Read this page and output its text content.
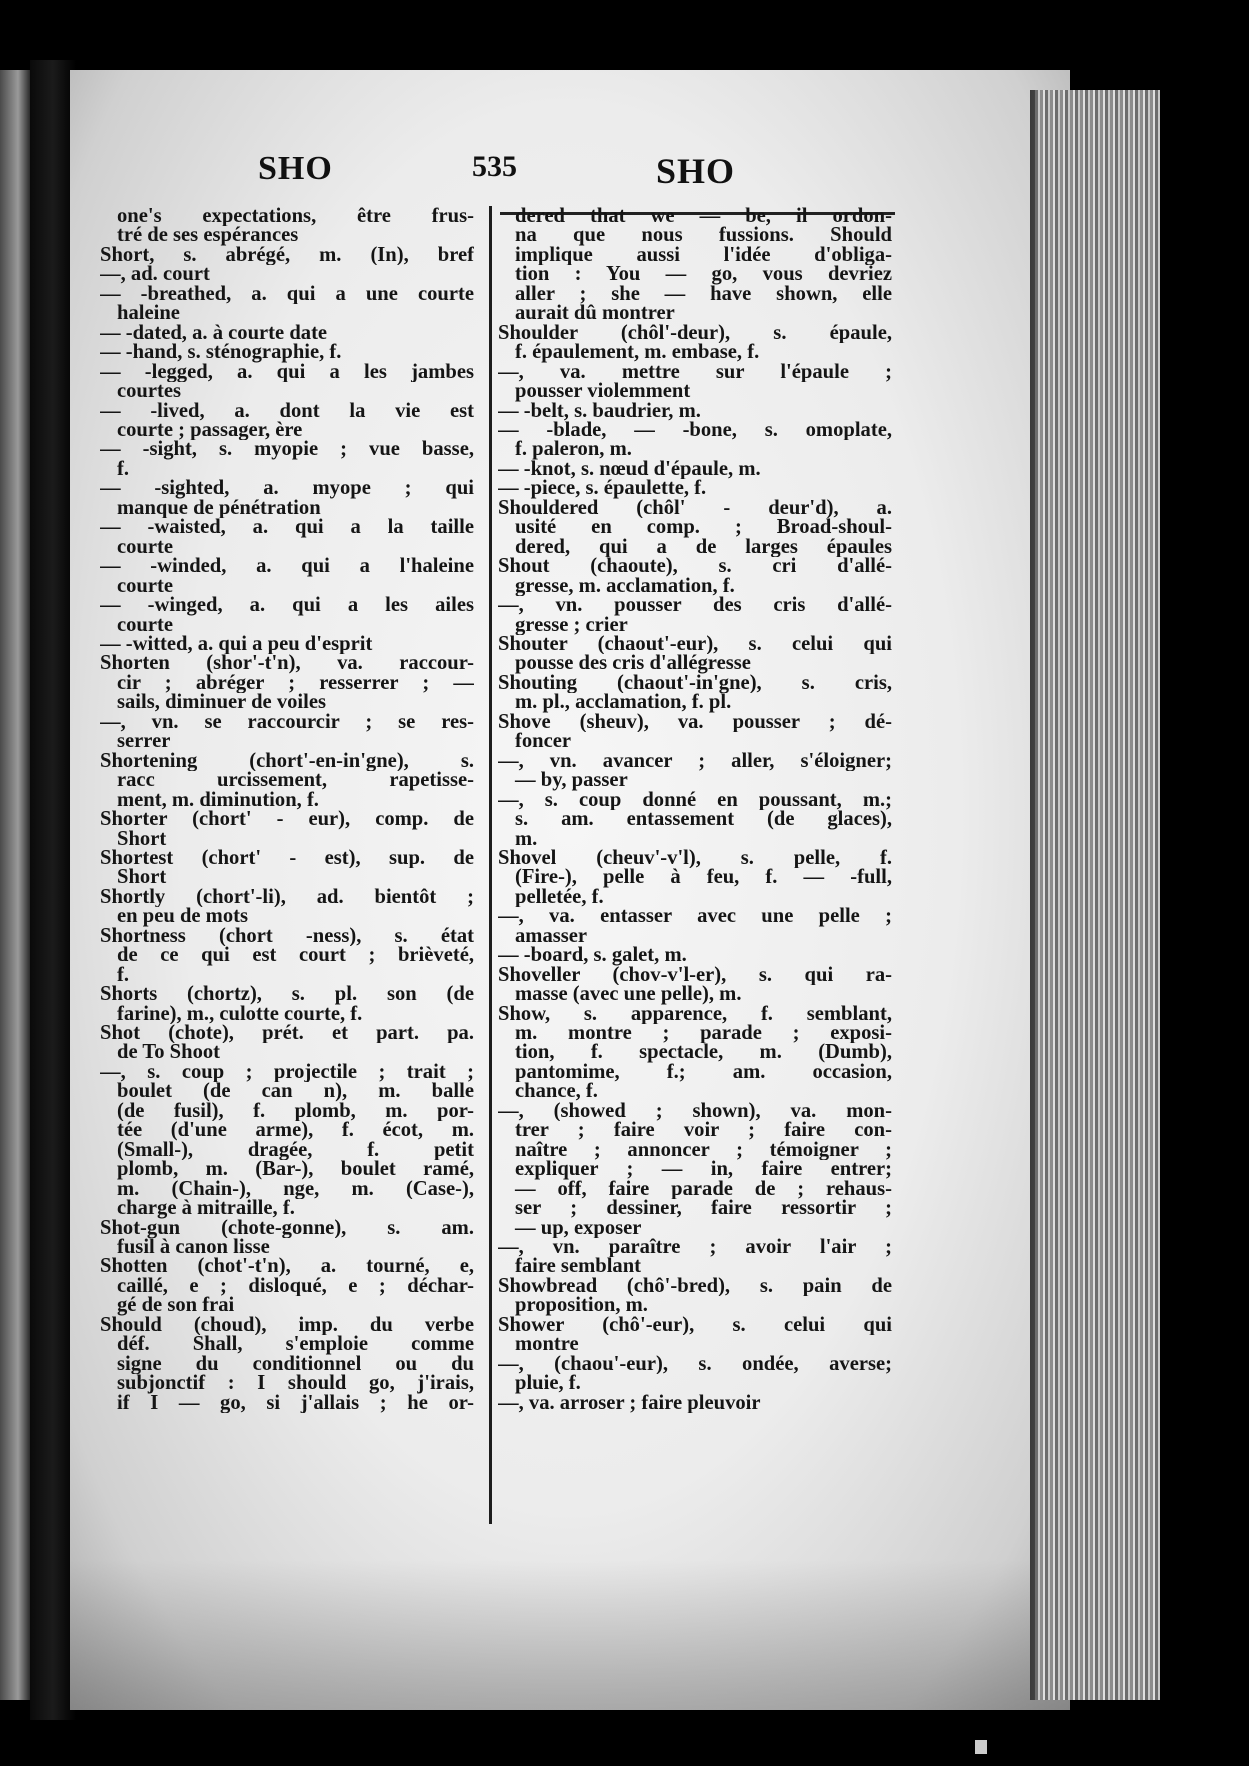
SHO	535	SHO
one's expectations, être frus-
tré de ses espérances
Short, s. abrégé, m. (In), bref
—, ad. court
— -breathed, a. qui a une courte
haleine
— -dated, a. à courte date
— -hand, s. sténographie, f.
— -legged, a. qui a les jambes
courtes
— -lived, a. dont la vie est
courte ; passager, ère
— -sight, s. myopie ; vue basse,
f.
— -sighted, a. myope ; qui
manque de pénétration
— -waisted, a. qui a la taille
courte
— -winded, a. qui a l'haleine
courte
— -winged, a. qui a les ailes
courte
— -witted, a. qui a peu d'esprit
Shorten (shor'-t'n), va. raccour-
cir ; abréger ; resserrer ; —
sails, diminuer de voiles
—, vn. se raccourcir ; se res-
serrer
Shortening (chort'-en-in'gne), s.
racc urcissement, rapetisse-
ment, m. diminution, f.
Shorter (chort' - eur), comp. de
Short
Shortest (chort' - est), sup. de
Short
Shortly (chort'-li), ad. bientôt ;
en peu de mots
Shortness (chort -ness), s. état
de ce qui est court ; brièveté,
f.
Shorts (chortz), s. pl. son (de
farine), m., culotte courte, f.
Shot (chote), prét. et part. pa.
de To Shoot
—, s. coup ; projectile ; trait ;
boulet (de can n), m. balle
(de fusil), f. plomb, m. por-
tée (d'une arme), f. écot, m.
(Small-), dragée, f. petit
plomb, m. (Bar-), boulet ramé,
m. (Chain-), nge, m. (Case-),
charge à mitraille, f.
Shot-gun (chote-gonne), s. am.
fusil à canon lisse
Shotten (chot'-t'n), a. tourné, e,
caillé, e ; disloqué, e ; déchar-
gé de son frai
Should (choud), imp. du verbe
déf. Shall, s'emploie comme
signe du conditionnel ou du
subjonctif : I should go, j'irais,
if I — go, si j'allais ; he or-
dered that we — be, il ordon-
na que nous fussions. Should
implique aussi l'idée d'obliga-
tion : You — go, vous devriez
aller ; she — have shown, elle
aurait dû montrer
Shoulder (chôl'-deur), s. épaule,
f. épaulement, m. embase, f.
—, va. mettre sur l'épaule ;
pousser violemment
— -belt, s. baudrier, m.
— -blade, — -bone, s. omoplate,
f. paleron, m.
— -knot, s. nœud d'épaule, m.
— -piece, s. épaulette, f.
Shouldered (chôl' - deur'd), a.
usité en comp. ; Broad-shoul-
dered, qui a de larges épaules
Shout (chaoute), s. cri d'allé-
gresse, m. acclamation, f.
—, vn. pousser des cris d'allé-
gresse ; crier
Shouter (chaout'-eur), s. celui qui
pousse des cris d'allégresse
Shouting (chaout'-in'gne), s. cris,
m. pl., acclamation, f. pl.
Shove (sheuv), va. pousser ; dé-
foncer
—, vn. avancer ; aller, s'éloigner;
— by, passer
—, s. coup donné en poussant, m.;
s. am. entassement (de glaces),
m.
Shovel (cheuv'-v'l), s. pelle, f.
(Fire-), pelle à feu, f. — -full,
pelletée, f.
—, va. entasser avec une pelle ;
amasser
— -board, s. galet, m.
Shoveller (chov-v'l-er), s. qui ra-
masse (avec une pelle), m.
Show, s. apparence, f. semblant,
m. montre ; parade ; exposi-
tion, f. spectacle, m. (Dumb),
pantomime, f.; am. occasion,
chance, f.
—, (showed ; shown), va. mon-
trer ; faire voir ; faire con-
naître ; annoncer ; témoigner ;
expliquer ; — in, faire entrer;
— off, faire parade de ; rehaus-
ser ; dessiner, faire ressortir ;
— up, exposer
—, vn. paraître ; avoir l'air ;
faire semblant
Showbread (chô'-bred), s. pain de
proposition, m.
Shower (chô'-eur), s. celui qui
montre
—, (chaou'-eur), s. ondée, averse;
pluie, f.
—, va. arroser ; faire pleuvoir
